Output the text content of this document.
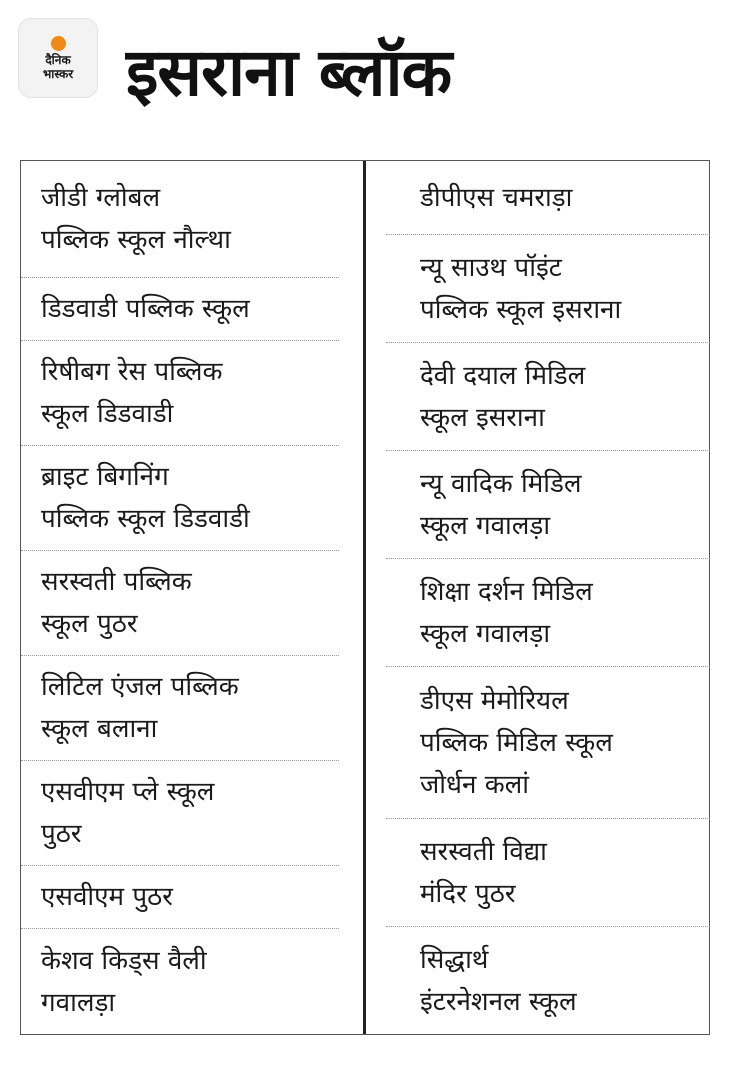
दैनिक
भास्कर इसराना ब्लॉक
जीडी ग्लोबल
पब्लिक स्कूल नौल्था
डिडवाडी पब्लिक स्कूल
रिषीबग रेस पब्लिक
स्कूल डिडवाडी
ब्राइट बिगनिंग
पब्लिक स्कूल डिडवाडी
सरस्वती पब्लिक
स्कूल पुठर
लिटिल एंजल पब्लिक
स्कूल बलाना
एसवीएम प्ले स्कूल
पुठर
एसवीएम पुठर
केशव किड्स वैली
गवालड़ा
डीपीएस चमराड़ा
न्यू साउथ पॉइंट
पब्लिक स्कूल इसराना
देवी दयाल मिडिल
स्कूल इसराना
न्यू वादिक मिडिल
स्कूल गवालड़ा
शिक्षा दर्शन मिडिल
स्कूल गवालड़ा
डीएस मेमोरियल
पब्लिक मिडिल स्कूल
जोर्धन कलां
सरस्वती विद्या
मंदिर पुठर
सिद्धार्थ
इंटरनेशनल स्कूल
